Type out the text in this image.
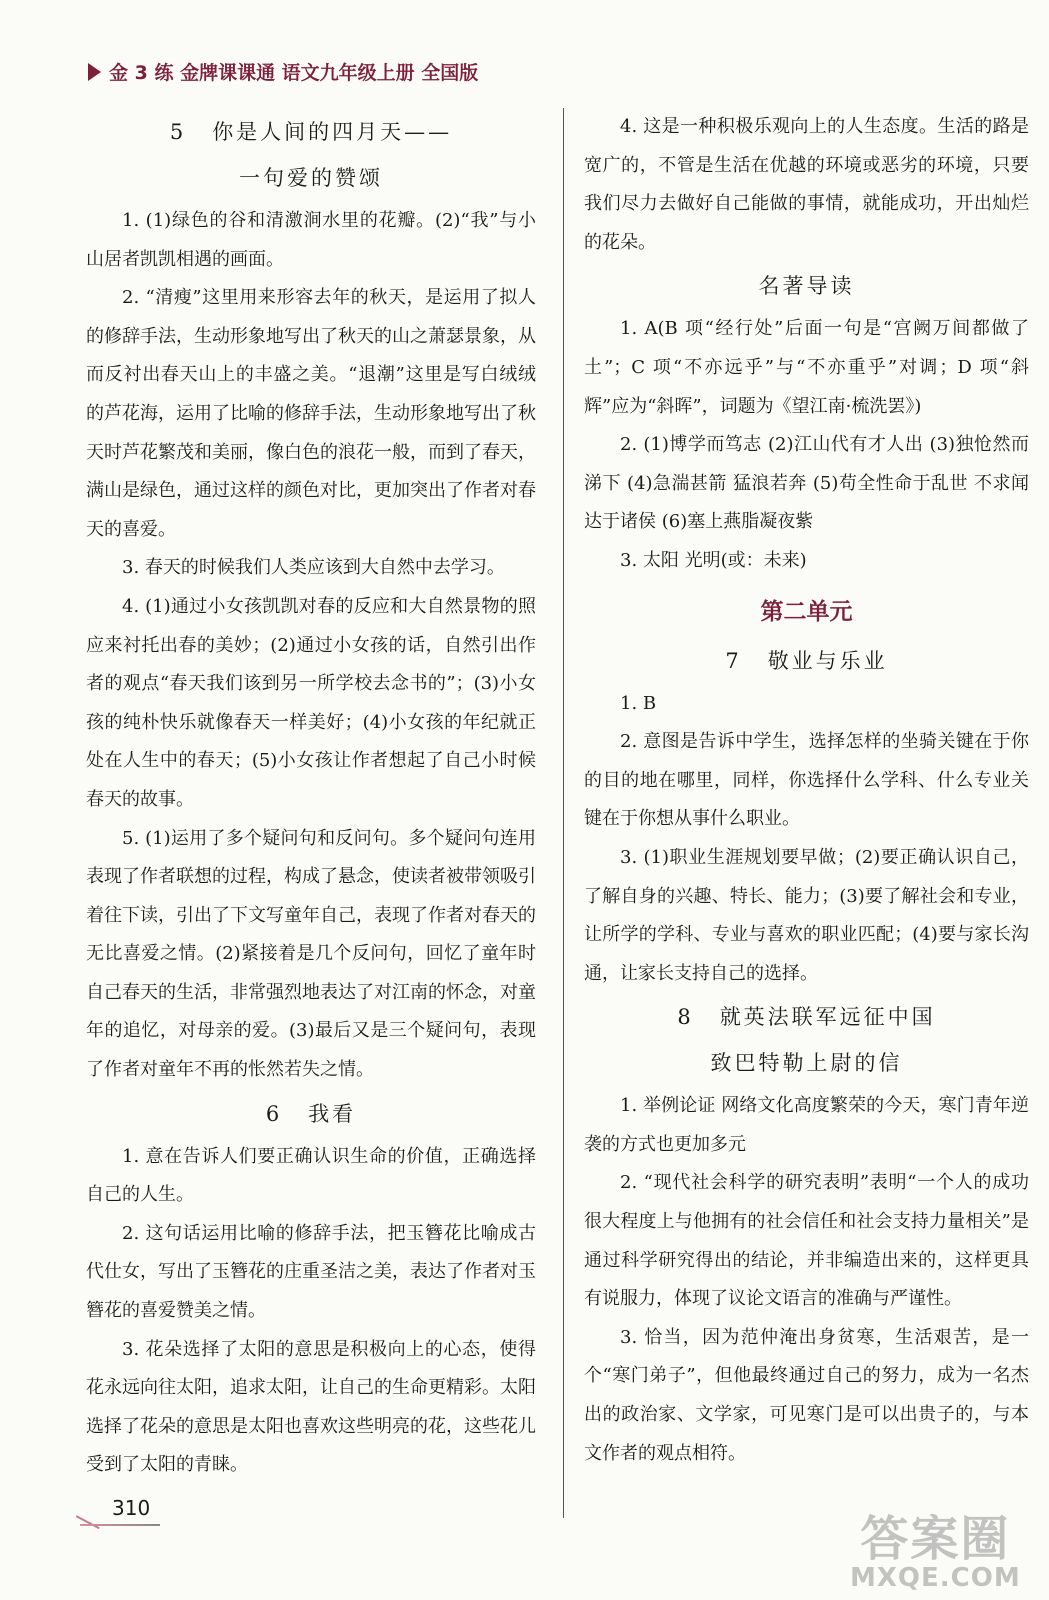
金 3 练 金牌课课通 语文九年级上册 全国版
5 你是人间的四月天——
一句爱的赞颂

1. (1)绿色的谷和清激涧水里的花瓣。(2)“我”与小山居者凯凯相遇的画面。

2. “清瘦”这里用来形容去年的秋天，是运用了拟人的修辞手法，生动形象地写出了秋天的山之萧瑟景象，从而反衬出春天山上的丰盛之美。“退潮”这里是写白绒绒的芦花海，运用了比喻的修辞手法，生动形象地写出了秋天时芦花繁茂和美丽，像白色的浪花一般，而到了春天，满山是绿色，通过这样的颜色对比，更加突出了作者对春天的喜爱。

3. 春天的时候我们人类应该到大自然中去学习。

4. (1)通过小女孩凯凯对春的反应和大自然景物的照应来衬托出春的美妙；(2)通过小女孩的话，自然引出作者的观点“春天我们该到另一所学校去念书的”；(3)小女孩的纯朴快乐就像春天一样美好；(4)小女孩的年纪就正处在人生中的春天；(5)小女孩让作者想起了自己小时候春天的故事。

5. (1)运用了多个疑问句和反问句。多个疑问句连用表现了作者联想的过程，构成了悬念，使读者被带领吸引着往下读，引出了下文写童年自己，表现了作者对春天的无比喜爱之情。(2)紧接着是几个反问句，回忆了童年时自己春天的生活，非常强烈地表达了对江南的怀念，对童年的追忆，对母亲的爱。(3)最后又是三个疑问句，表现了作者对童年不再的怅然若失之情。

6 我看

1. 意在告诉人们要正确认识生命的价值，正确选择自己的人生。

2. 这句话运用比喻的修辞手法，把玉簪花比喻成古代仕女，写出了玉簪花的庄重圣洁之美，表达了作者对玉簪花的喜爱赞美之情。

3. 花朵选择了太阳的意思是积极向上的心态，使得花永远向往太阳，追求太阳，让自己的生命更精彩。太阳选择了花朵的意思是太阳也喜欢这些明亮的花，这些花儿受到了太阳的青睐。

4. 这是一种积极乐观向上的人生态度。生活的路是宽广的，不管是生活在优越的环境或恶劣的环境，只要我们尽力去做好自己能做的事情，就能成功，开出灿烂的花朵。

名著导读

1. A(B 项“经行处”后面一句是“宫阙万间都做了土”；C 项“不亦远乎”与“不亦重乎”对调；D 项“斜辉”应为“斜晖”，词题为《望江南·梳洗罢》)

2. (1)博学而笃志 (2)江山代有才人出 (3)独怆然而涕下 (4)急湍甚箭 猛浪若奔 (5)苟全性命于乱世 不求闻达于诸侯 (6)塞上燕脂凝夜紫

3. 太阳 光明(或：未来)

第二单元
7 敬业与乐业

1. B

2. 意图是告诉中学生，选择怎样的坐骑关键在于你的目的地在哪里，同样，你选择什么学科、什么专业关键在于你想从事什么职业。

3. (1)职业生涯规划要早做；(2)要正确认识自己，了解自身的兴趣、特长、能力；(3)要了解社会和专业，让所学的学科、专业与喜欢的职业匹配；(4)要与家长沟通，让家长支持自己的选择。

8 就英法联军远征中国
致巴特勒上尉的信

1. 举例论证 网络文化高度繁荣的今天，寒门青年逆袭的方式也更加多元

2. “现代社会科学的研究表明”表明“一个人的成功很大程度上与他拥有的社会信任和社会支持力量相关”是通过科学研究得出的结论，并非编造出来的，这样更具有说服力，体现了议论文语言的准确与严谨性。

3. 恰当，因为范仲淹出身贫寒，生活艰苦，是一个“寒门弟子”，但他最终通过自己的努力，成为一名杰出的政治家、文学家，可见寒门是可以出贵子的，与本文作者的观点相符。

310
答案圈
MXQE.COM
